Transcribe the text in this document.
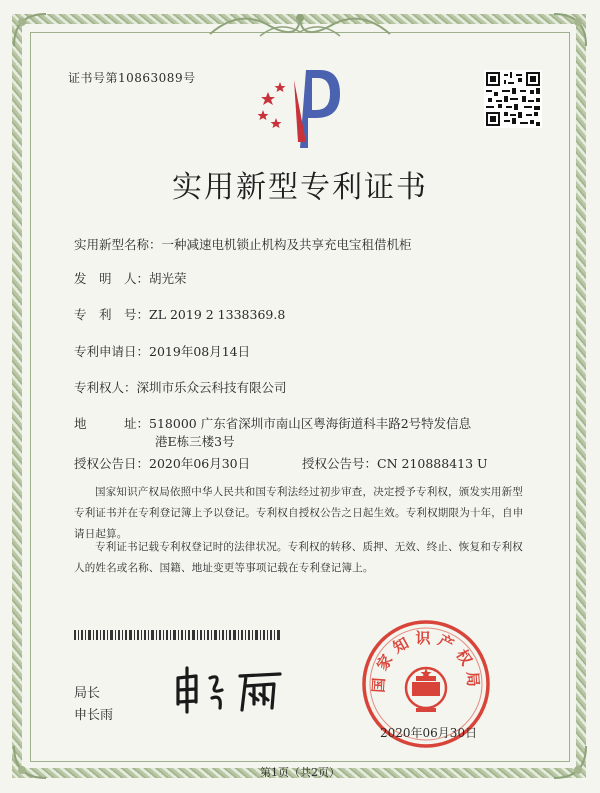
证书号第10863089号
实用新型专利证书
实用新型名称：一种减速电机锁止机构及共享充电宝租借机柜
发　明　人：胡光荣
专　利　号：ZL 2019 2 1338369.8
专利申请日：2019年08月14日
专利权人：深圳市乐众云科技有限公司
地　　　址：518000 广东省深圳市南山区粤海街道科丰路2号特发信息
港E栋三楼3号
授权公告日：2020年06月30日	授权公告号：CN 210888413 U
国家知识产权局依照中华人民共和国专利法经过初步审查，决定授予专利权，颁发实用新型专利证书并在专利登记簿上予以登记。专利权自授权公告之日起生效。专利权期限为十年，自申请日起算。
专利证书记载专利权登记时的法律状况。专利权的转移、质押、无效、终止、恢复和专利权人的姓名或名称、国籍、地址变更等事项记载在专利登记簿上。
局长
申长雨
国家知识产权局
2020年06月30日
第1页（共2页）
